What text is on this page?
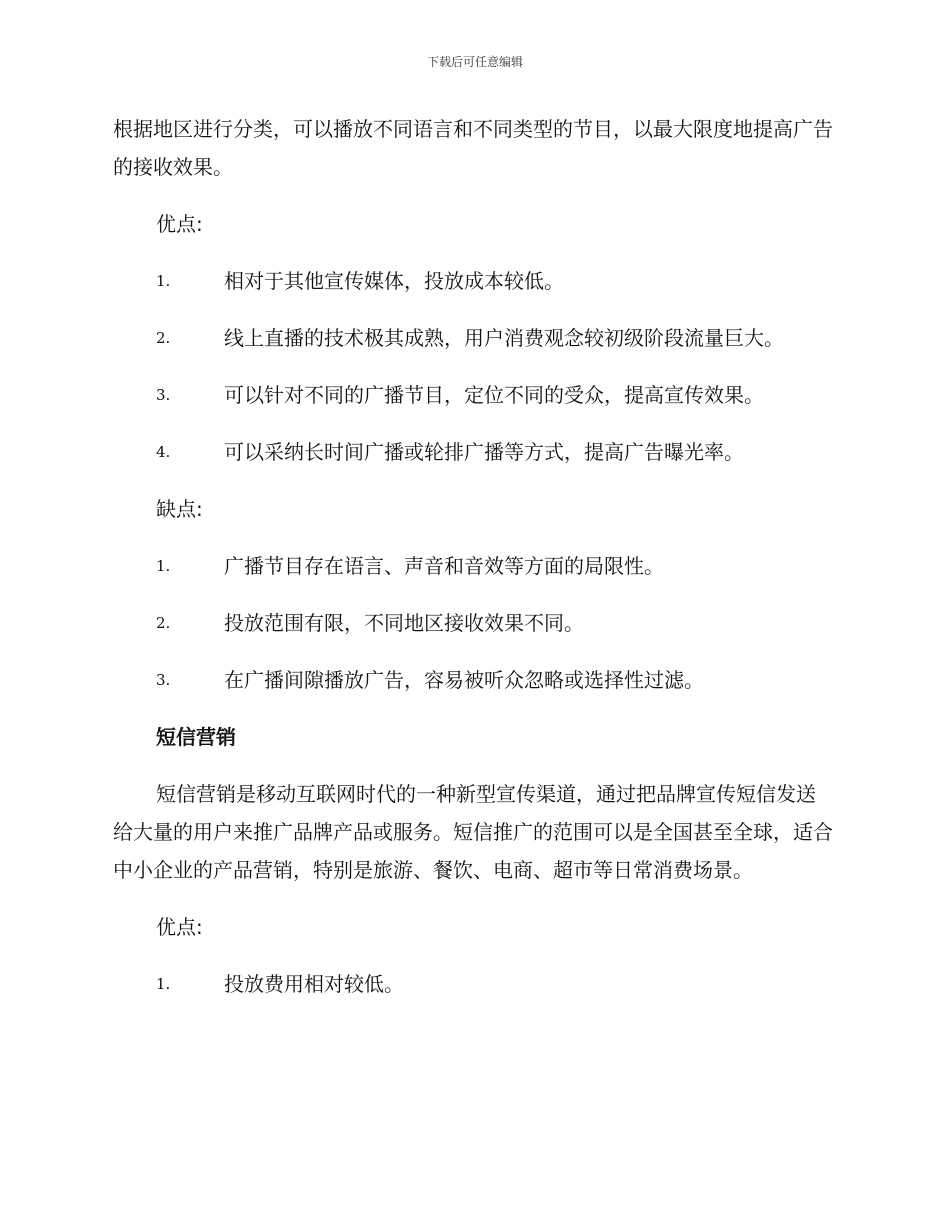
下载后可任意编辑

根据地区进行分类，可以播放不同语言和不同类型的节目，以最大限度地提高广告的接收效果。

优点:

1.	相对于其他宣传媒体，投放成本较低。
2.	线上直播的技术极其成熟，用户消费观念较初级阶段流量巨大。
3.	可以针对不同的广播节目，定位不同的受众，提高宣传效果。
4.	可以采纳长时间广播或轮排广播等方式，提高广告曝光率。

缺点:

1.	广播节目存在语言、声音和音效等方面的局限性。
2.	投放范围有限，不同地区接收效果不同。
3.	在广播间隙播放广告，容易被听众忽略或选择性过滤。

短信营销

短信营销是移动互联网时代的一种新型宣传渠道，通过把品牌宣传短信发送给大量的用户来推广品牌产品或服务。短信推广的范围可以是全国甚至全球，适合中小企业的产品营销，特别是旅游、餐饮、电商、超市等日常消费场景。

优点:

1.	投放费用相对较低。
